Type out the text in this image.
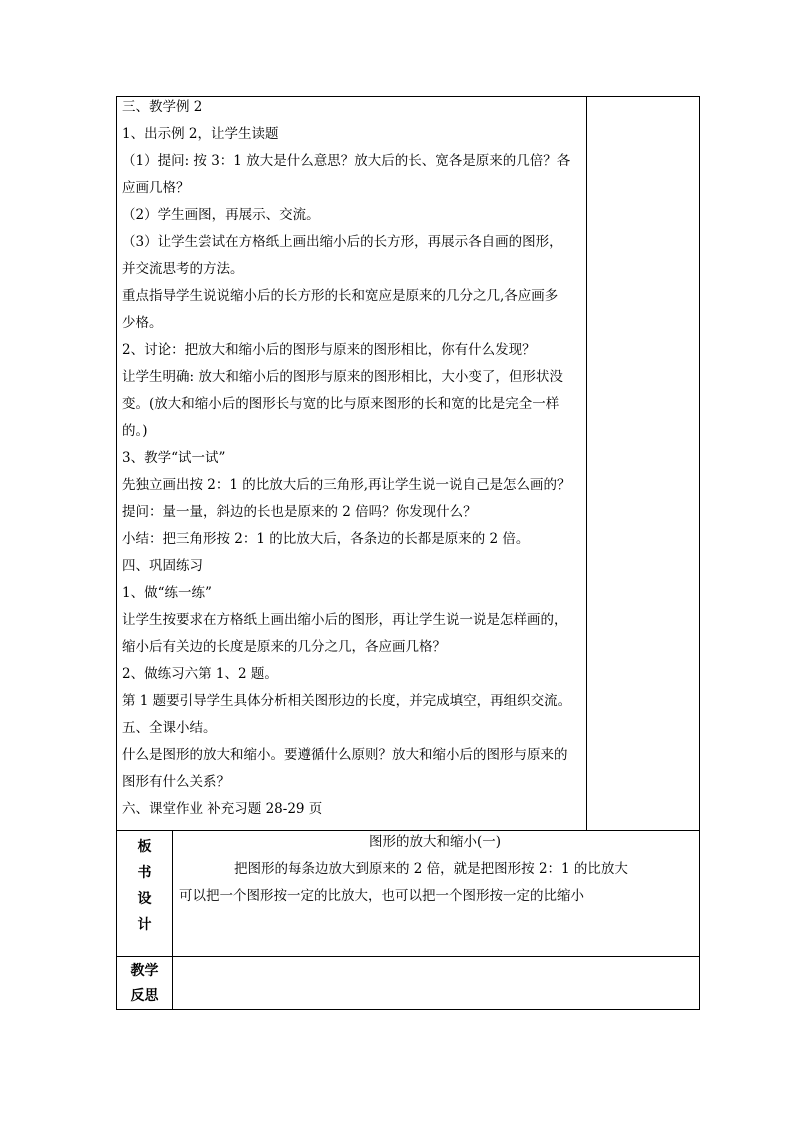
三、教学例 2
1、出示例 2，让学生读题
（1）提问: 按 3：1 放大是什么意思？放大后的长、宽各是原来的几倍？各
应画几格？
（2）学生画图，再展示、交流。
（3）让学生尝试在方格纸上画出缩小后的长方形，再展示各自画的图形，
并交流思考的方法。
重点指导学生说说缩小后的长方形的长和宽应是原来的几分之几,各应画多
少格。
2、讨论：把放大和缩小后的图形与原来的图形相比，你有什么发现？
让学生明确: 放大和缩小后的图形与原来的图形相比，大小变了，但形状没
变。(放大和缩小后的图形长与宽的比与原来图形的长和宽的比是完全一样
的。)
3、教学“试一试”
先独立画出按 2：1 的比放大后的三角形,再让学生说一说自己是怎么画的？
提问：量一量，斜边的长也是原来的 2 倍吗？你发现什么？
小结：把三角形按 2：1 的比放大后，各条边的长都是原来的 2 倍。
四、巩固练习
1、做“练一练”
让学生按要求在方格纸上画出缩小后的图形，再让学生说一说是怎样画的，
缩小后有关边的长度是原来的几分之几，各应画几格？
2、做练习六第 1、2 题。
第 1 题要引导学生具体分析相关图形边的长度，并完成填空，再组织交流。
五、全课小结。
什么是图形的放大和缩小。要遵循什么原则？放大和缩小后的图形与原来的
图形有什么关系？
六、课堂作业 补充习题 28-29 页
板
书
设
计
图形的放大和缩小(一)
把图形的每条边放大到原来的 2 倍，就是把图形按 2：1 的比放大
可以把一个图形按一定的比放大，也可以把一个图形按一定的比缩小
教学
反思
